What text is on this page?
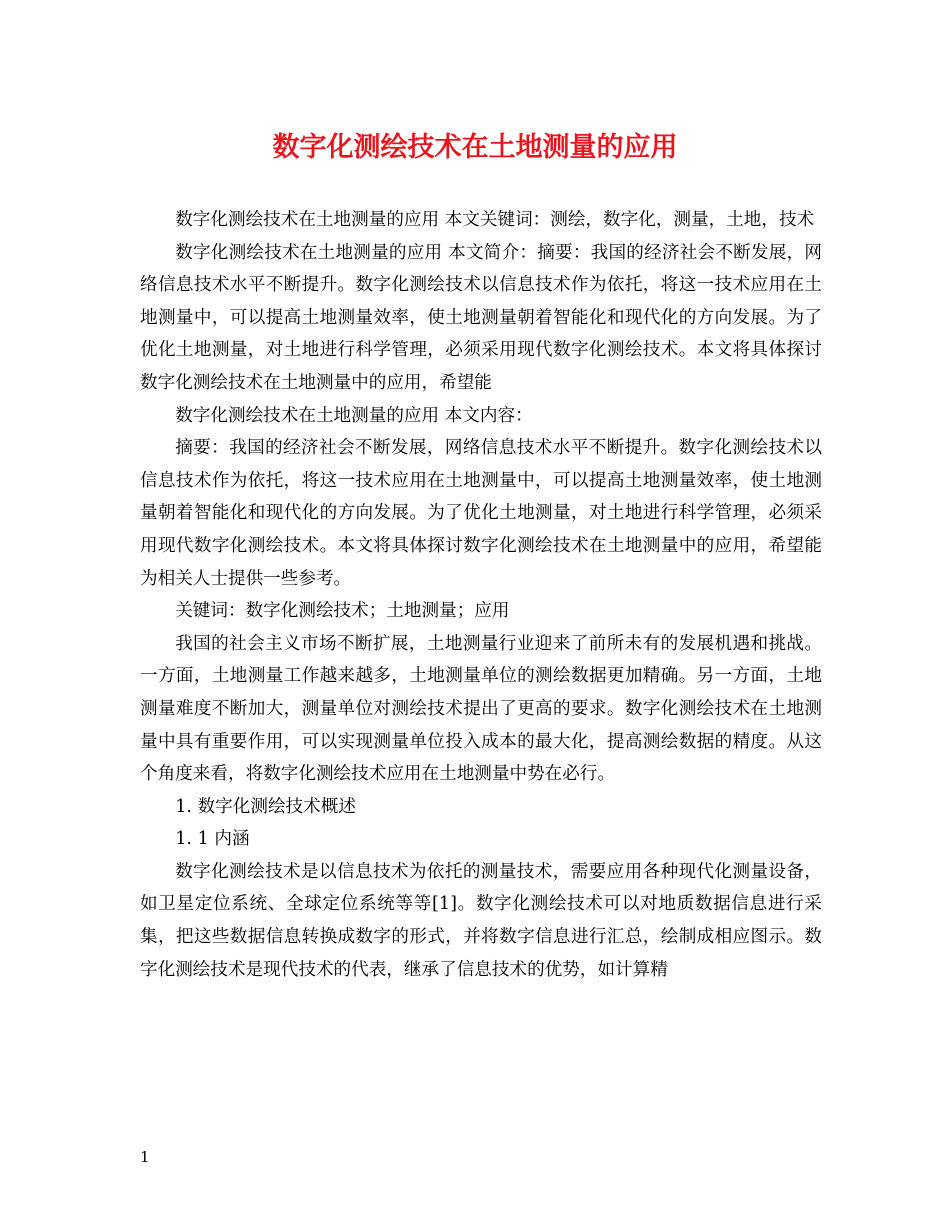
数字化测绘技术在土地测量的应用

数字化测绘技术在土地测量的应用 本文关键词：测绘，数字化，测量，土地，技术

数字化测绘技术在土地测量的应用 本文简介：摘要：我国的经济社会不断发展，网络信息技术水平不断提升。数字化测绘技术以信息技术作为依托，将这一技术应用在土地测量中，可以提高土地测量效率，使土地测量朝着智能化和现代化的方向发展。为了优化土地测量，对土地进行科学管理，必须采用现代数字化测绘技术。本文将具体探讨数字化测绘技术在土地测量中的应用，希望能

数字化测绘技术在土地测量的应用 本文内容：

摘要：我国的经济社会不断发展，网络信息技术水平不断提升。数字化测绘技术以信息技术作为依托，将这一技术应用在土地测量中，可以提高土地测量效率，使土地测量朝着智能化和现代化的方向发展。为了优化土地测量，对土地进行科学管理，必须采用现代数字化测绘技术。本文将具体探讨数字化测绘技术在土地测量中的应用，希望能为相关人士提供一些参考。

关键词：数字化测绘技术；土地测量；应用

我国的社会主义市场不断扩展，土地测量行业迎来了前所未有的发展机遇和挑战。一方面，土地测量工作越来越多，土地测量单位的测绘数据更加精确。另一方面，土地测量难度不断加大，测量单位对测绘技术提出了更高的要求。数字化测绘技术在土地测量中具有重要作用，可以实现测量单位投入成本的最大化，提高测绘数据的精度。从这个角度来看，将数字化测绘技术应用在土地测量中势在必行。

1. 数字化测绘技术概述

1. 1 内涵

数字化测绘技术是以信息技术为依托的测量技术，需要应用各种现代化测量设备，如卫星定位系统、全球定位系统等等[1]。数字化测绘技术可以对地质数据信息进行采集，把这些数据信息转换成数字的形式，并将数字信息进行汇总，绘制成相应图示。数字化测绘技术是现代技术的代表，继承了信息技术的优势，如计算精

1
